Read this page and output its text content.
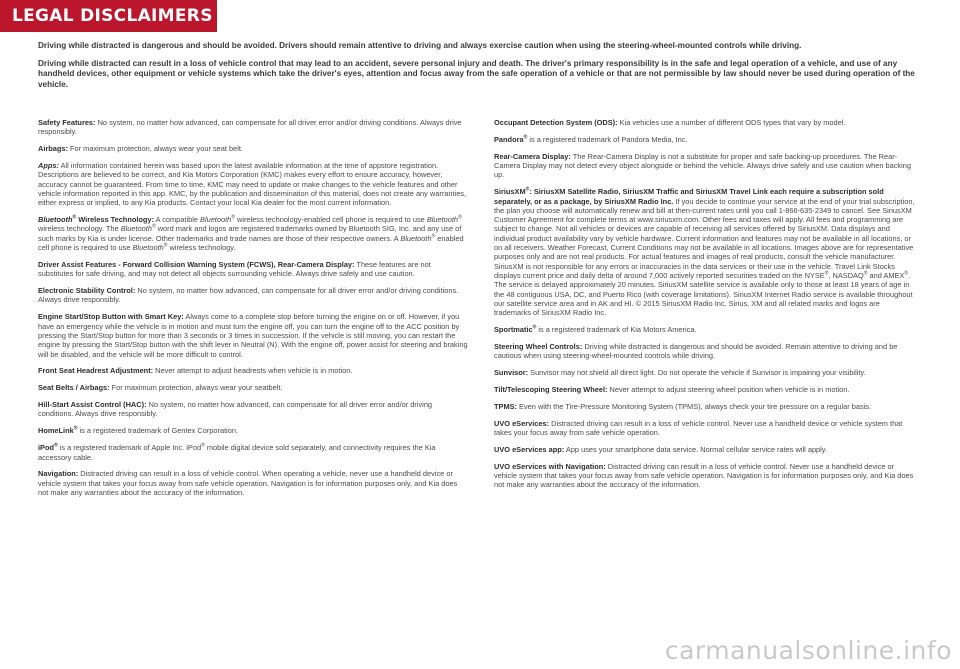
LEGAL DISCLAIMERS

Driving while distracted is dangerous and should be avoided. Drivers should remain attentive to driving and always exercise caution when using the steering-wheel-mounted controls while driving.

Driving while distracted can result in a loss of vehicle control that may lead to an accident, severe personal injury and death. The driver's primary responsibility is in the safe and legal operation of a vehicle, and use of any handheld devices, other equipment or vehicle systems which take the driver's eyes, attention and focus away from the safe operation of a vehicle or that are not permissible by law should never be used during operation of the vehicle.

Safety Features: No system, no matter how advanced, can compensate for all driver error and/or driving conditions. Always drive responsibly.

Airbags: For maximum protection, always wear your seat belt.

Apps: All information contained herein was based upon the latest available information at the time of appstore registration. Descriptions are believed to be correct, and Kia Motors Corporation (KMC) makes every effort to ensure accuracy, however, accuracy cannot be guaranteed. From time to time, KMC may need to update or make changes to the vehicle features and other vehicle information reported in this app. KMC, by the publication and dissemination of this material, does not create any warranties, either express or implied, to any Kia products. Contact your local Kia dealer for the most current information.

Bluetooth® Wireless Technology: A compatible Bluetooth® wireless technology-enabled cell phone is required to use Bluetooth® wireless technology. The Bluetooth® word mark and logos are registered trademarks owned by Bluetooth SIG, Inc. and any use of such marks by Kia is under license. Other trademarks and trade names are those of their respective owners. A Bluetooth® enabled cell phone is required to use Bluetooth® wireless technology.

Driver Assist Features - Forward Collision Warning System (FCWS), Rear-Camera Display: These features are not substitutes for safe driving, and may not detect all objects surrounding vehicle. Always drive safely and use caution.

Electronic Stability Control: No system, no matter how advanced, can compensate for all driver error and/or driving conditions. Always drive responsibly.

Engine Start/Stop Button with Smart Key: Always come to a complete stop before turning the engine on or off. However, if you have an emergency while the vehicle is in motion and must turn the engine off, you can turn the engine off to the ACC position by pressing the Start/Stop button for more than 3 seconds or 3 times in succession. If the vehicle is still moving, you can restart the engine by pressing the Start/Stop button with the shift lever in Neutral (N). With the engine off, power assist for steering and braking will be disabled, and the vehicle will be more difficult to control.

Front Seat Headrest Adjustment: Never attempt to adjust headrests when vehicle is in motion.

Seat Belts / Airbags: For maximum protection, always wear your seatbelt.

Hill-Start Assist Control (HAC): No system, no matter how advanced, can compensate for all driver error and/or driving conditions. Always drive responsibly.

HomeLink® is a registered trademark of Gentex Corporation.

iPod® is a registered trademark of Apple Inc. iPod® mobile digital device sold separately, and connectivity requires the Kia accessory cable.

Navigation: Distracted driving can result in a loss of vehicle control. When operating a vehicle, never use a handheld device or vehicle system that takes your focus away from safe vehicle operation. Navigation is for information purposes only, and Kia does not make any warranties about the accuracy of the information.

Occupant Detection System (ODS): Kia vehicles use a number of different ODS types that vary by model.

Pandora® is a registered trademark of Pandora Media, Inc.

Rear-Camera Display: The Rear-Camera Display is not a substitute for proper and safe backing-up procedures. The Rear-Camera Display may not detect every object alongside or behind the vehicle. Always drive safely and use caution when backing up.

SiriusXM®: SiriusXM Satellite Radio, SiriusXM Traffic and SiriusXM Travel Link each require a subscription sold separately, or as a package, by SiriusXM Radio Inc. If you decide to continue your service at the end of your trial subscription, the plan you choose will automatically renew and bill at then-current rates until you call 1-866-635-2349 to cancel. See SiriusXM Customer Agreement for complete terms at www.siriusxm.com. Other fees and taxes will apply. All fees and programming are subject to change. Not all vehicles or devices are capable of receiving all services offered by SiriusXM. Data displays and individual product availability vary by vehicle hardware. Current information and features may not be available in all locations, or on all receivers. Weather Forecast, Current Conditions may not be available in all locations. Images above are for representative purposes only and are not real products. For actual features and images of real products, consult the vehicle manufacturer. SiriusXM is not responsible for any errors or inaccuracies in the data services or their use in the vehicle. Travel Link Stocks displays current price and daily delta of around 7,000 actively reported securities traded on the NYSE®, NASDAQ® and AMEX®. The service is delayed approximately 20 minutes. SiriusXM satellite service is available only to those at least 18 years of age in the 48 contiguous USA, DC, and Puerto Rico (with coverage limitations). SiriusXM Internet Radio service is available throughout our satellite service area and in AK and HI. © 2015 SiriusXM Radio Inc. Sirius, XM and all related marks and logos are trademarks of SiriusXM Radio Inc.

Sportmatic® is a registered trademark of Kia Motors America.

Steering Wheel Controls: Driving while distracted is dangerous and should be avoided. Remain attentive to driving and be cautious when using steering-wheel-mounted controls while driving.

Sunvisor: Sunvisor may not shield all direct light. Do not operate the vehicle if Sunvisor is impairing your visibility.

Tilt/Telescoping Steering Wheel: Never attempt to adjust steering wheel position when vehicle is in motion.

TPMS: Even with the Tire-Pressure Monitoring System (TPMS), always check your tire pressure on a regular basis.

UVO eServices: Distracted driving can result in a loss of vehicle control. Never use a handheld device or vehicle system that takes your focus away from safe vehicle operation.

UVO eServices app: App uses your smartphone data service. Normal cellular service rates will apply.

UVO eServices with Navigation: Distracted driving can result in a loss of vehicle control. Never use a handheld device or vehicle system that takes your focus away from safe vehicle operation. Navigation is for information purposes only, and Kia does not make any warranties about the accuracy of the information.

carmanualsonline.info
